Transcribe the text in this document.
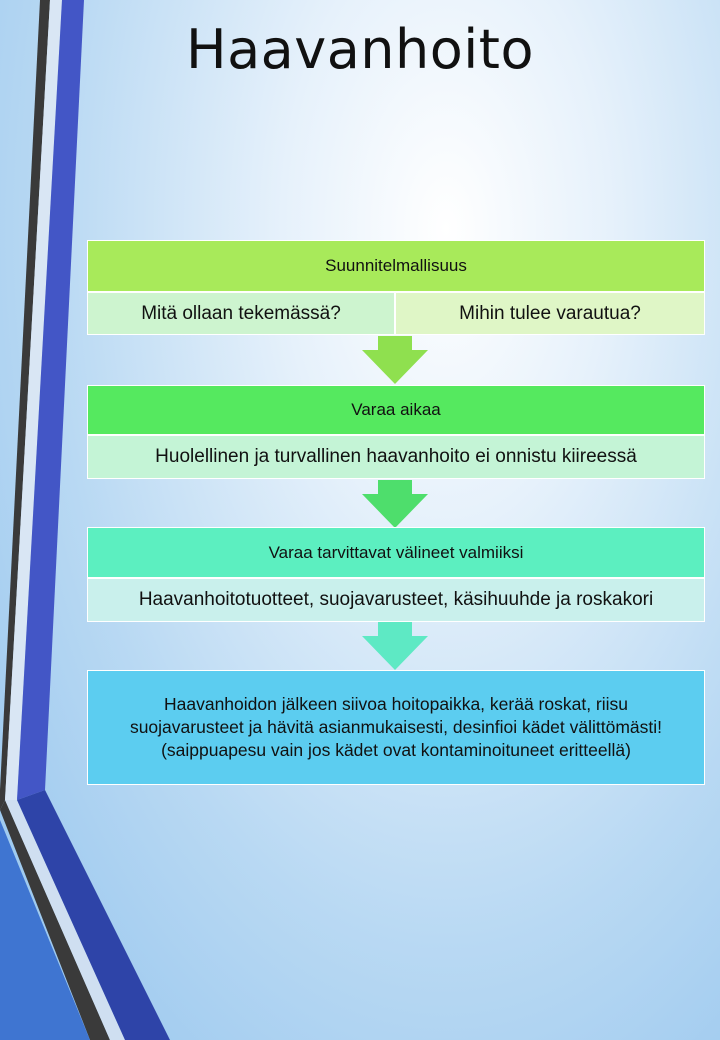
Haavanhoito
Suunnitelmallisuus
Mitä ollaan tekemässä?	Mihin tulee varautua?
Varaa aikaa
Huolellinen ja turvallinen haavanhoito ei onnistu kiireessä
Varaa tarvittavat välineet valmiiksi
Haavanhoitotuotteet, suojavarusteet, käsihuuhde ja roskakori
Haavanhoidon jälkeen siivoa hoitopaikka, kerää roskat, riisu suojavarusteet ja hävitä asianmukaisesti, desinfioi kädet välittömästi! (saippuapesu vain jos kädet ovat kontaminoituneet eritteellä)
